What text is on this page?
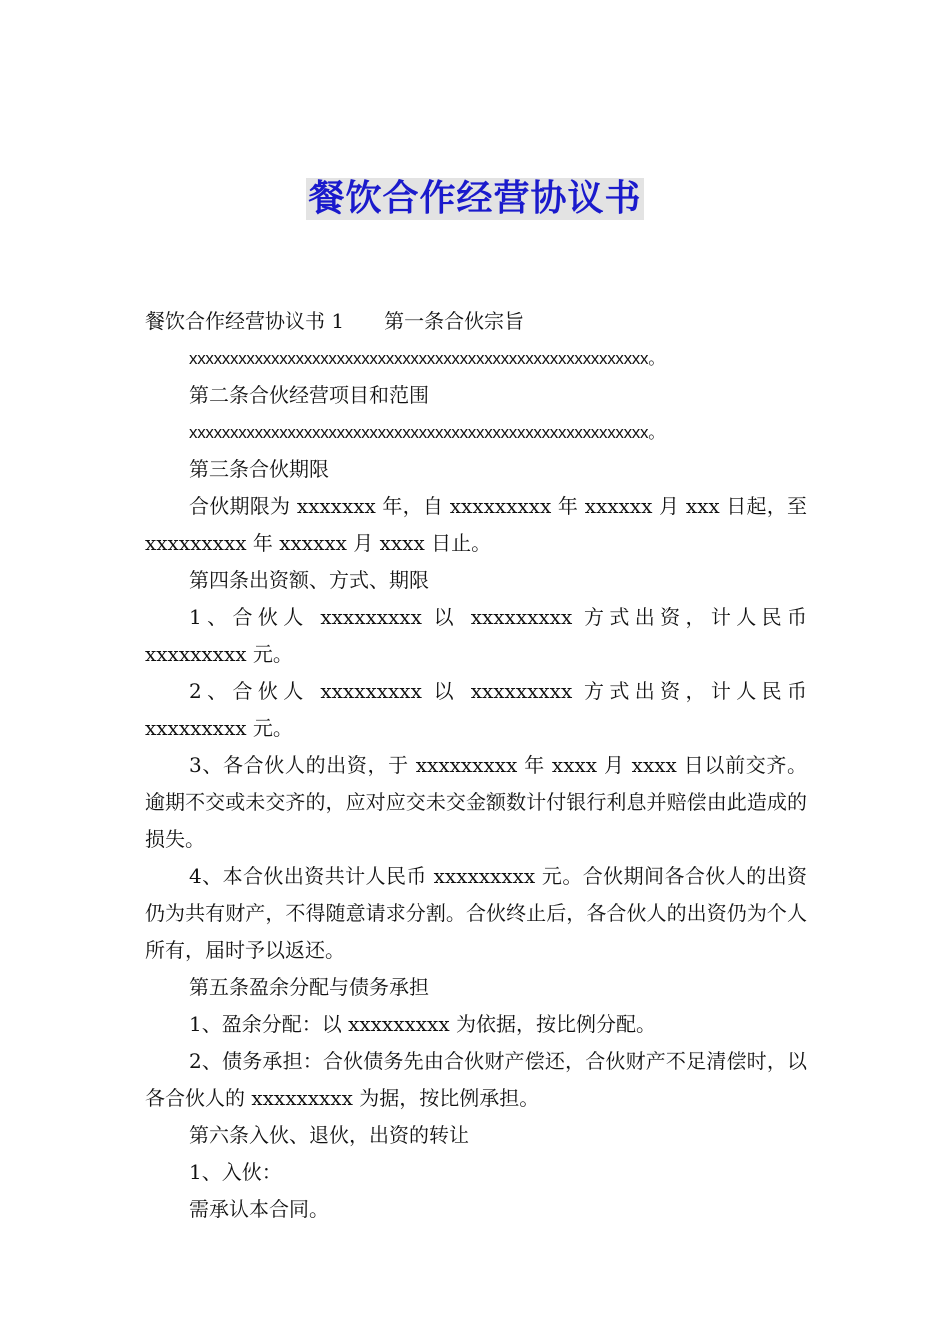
餐饮合作经营协议书

餐饮合作经营协议书 1 第一条合伙宗旨

xxxxxxxxxxxxxxxxxxxxxxxxxxxxxxxxxxxxxxxxxxxxxxxxxxxxxxxx。

第二条合伙经营项目和范围

xxxxxxxxxxxxxxxxxxxxxxxxxxxxxxxxxxxxxxxxxxxxxxxxxxxxxxxx。

第三条合伙期限

合伙期限为 xxxxxxx 年，自 xxxxxxxxx 年 xxxxxx 月 xxx 日起，至 xxxxxxxxx 年 xxxxxx 月 xxxx 日止。

第四条出资额、方式、期限

1、合伙人 xxxxxxxxx 以 xxxxxxxxx 方式出资，计人民币 xxxxxxxxx 元。

2、合伙人 xxxxxxxxx 以 xxxxxxxxx 方式出资，计人民币 xxxxxxxxx 元。

3、各合伙人的出资，于 xxxxxxxxx 年 xxxx 月 xxxx 日以前交齐。逾期不交或未交齐的，应对应交未交金额数计付银行利息并赔偿由此造成的损失。

4、本合伙出资共计人民币 xxxxxxxxx 元。合伙期间各合伙人的出资仍为共有财产，不得随意请求分割。合伙终止后，各合伙人的出资仍为个人所有，届时予以返还。

第五条盈余分配与债务承担

1、盈余分配：以 xxxxxxxxx 为依据，按比例分配。

2、债务承担：合伙债务先由合伙财产偿还，合伙财产不足清偿时，以各合伙人的 xxxxxxxxx 为据，按比例承担。

第六条入伙、退伙，出资的转让

1、入伙：

需承认本合同。
